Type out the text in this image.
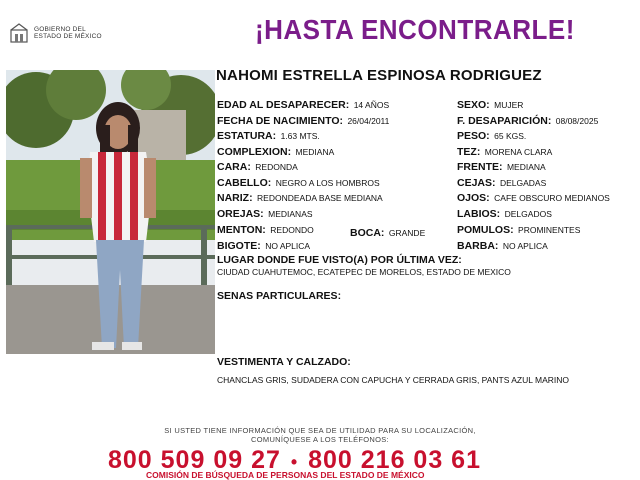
GOBIERNO DEL
ESTADO DE MÉXICO	¡HASTA ENCONTRARLE!
NAHOMI ESTRELLA ESPINOSA RODRIGUEZ
EDAD AL DESAPARECER: 14 AÑOS
FECHA DE NACIMIENTO: 26/04/2011
ESTATURA: 1.63 MTS.
COMPLEXION: MEDIANA
CARA: REDONDA
CABELLO: NEGRO A LOS HOMBROS
NARIZ: REDONDEADA BASE MEDIANA
OREJAS: MEDIANAS
MENTON: REDONDO	BOCA: GRANDE
BIGOTE: NO APLICA
SEXO: MUJER
F. DESAPARICIÓN: 08/08/2025
PESO: 65 KGS.
TEZ: MORENA CLARA
FRENTE: MEDIANA
CEJAS: DELGADAS
OJOS: CAFE OBSCURO MEDIANOS
LABIOS: DELGADOS
POMULOS: PROMINENTES
BARBA: NO APLICA
LUGAR DONDE FUE VISTO(A) POR ÚLTIMA VEZ:
CIUDAD CUAHUTEMOC, ECATEPEC DE MORELOS, ESTADO DE MEXICO
SENAS PARTICULARES:
VESTIMENTA Y CALZADO:
CHANCLAS GRIS, SUDADERA CON CAPUCHA Y CERRADA GRIS, PANTS AZUL MARINO
SI USTED TIENE INFORMACIÓN QUE SEA DE UTILIDAD PARA SU LOCALIZACIÓN,
COMUNÍQUESE A LOS TELÉFONOS:
800 509 09 27 • 800 216 03 61
COMISIÓN DE BÚSQUEDA DE PERSONAS DEL ESTADO DE MÉXICO
